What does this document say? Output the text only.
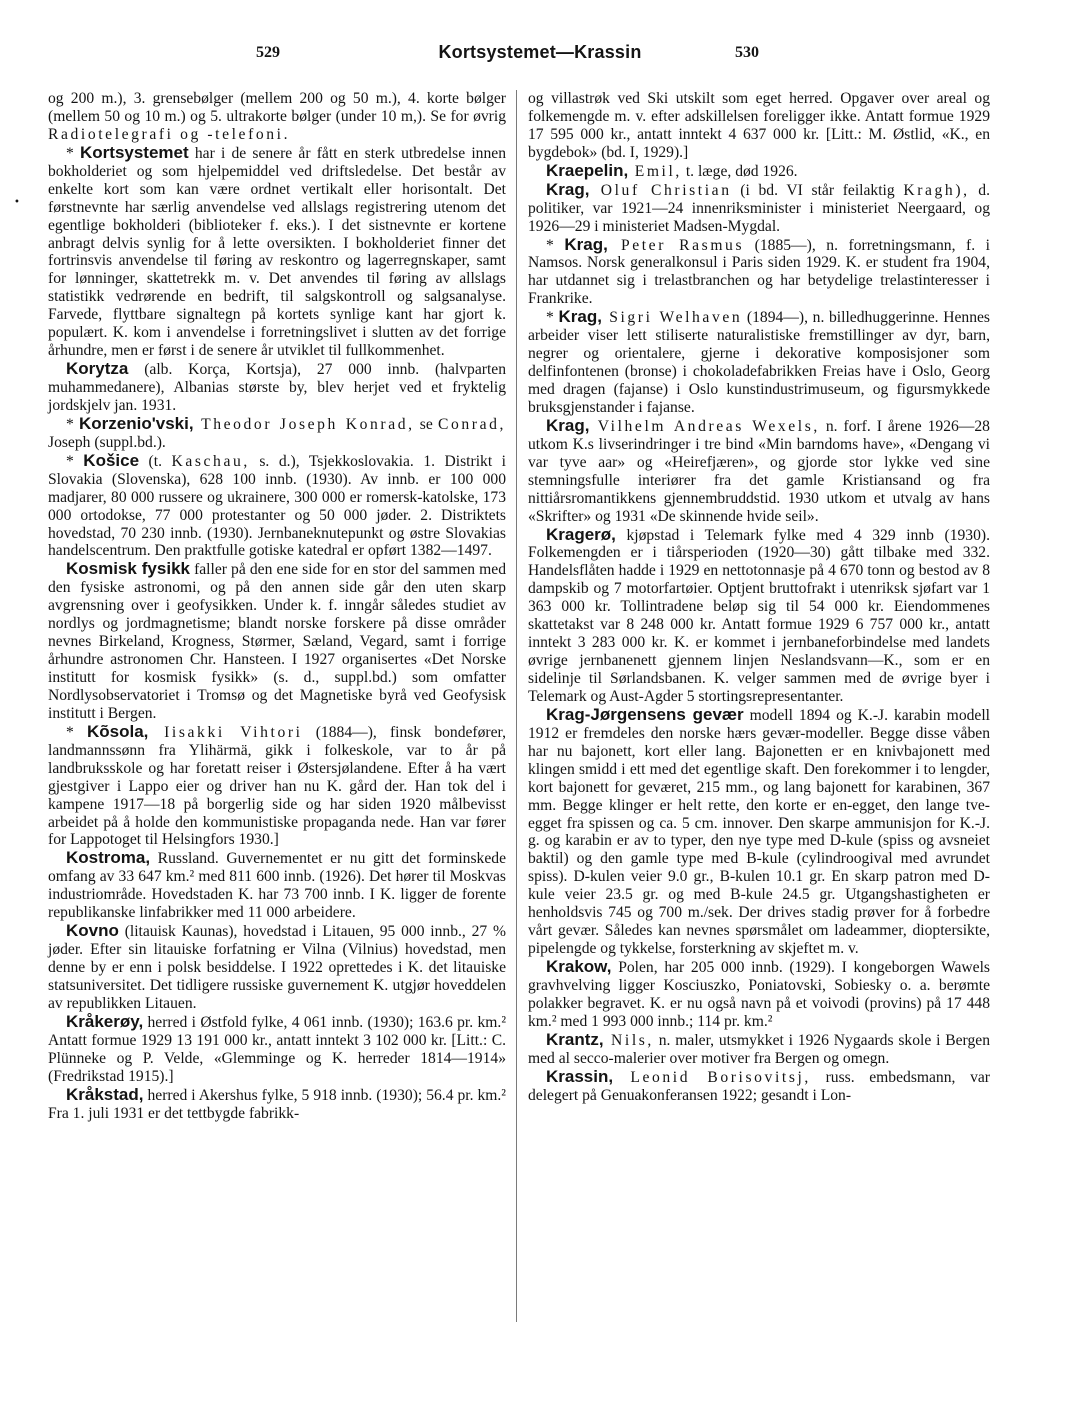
529	Kortsystemet—Krassin	530
•

og 200 m.), 3. grensebølger (mellem 200 og 50 m.), 4. korte bølger (mellem 50 og 10 m.) og 5. ultrakorte bølger (under 10 m,). Se for øvrig Radiotelegrafi og -telefoni.

* Kortsystemet har i de senere år fått en sterk utbredelse innen bokholderiet og som hjelpemiddel ved driftsledelse. Det består av enkelte kort som kan være ordnet vertikalt eller horisontalt. Det førstnevnte har særlig anvendelse ved allslags registrering utenom det egentlige bokholderi (biblioteker f. eks.). I det sistnevnte er kortene anbragt delvis synlig for å lette oversikten. I bokholderiet finner det fortrinsvis anvendelse til føring av reskontro og lagerregnskaper, samt for lønninger, skattetrekk m. v. Det anvendes til føring av allslags statistikk vedrørende en bedrift, til salgskontroll og salgsanalyse. Farvede, flyttbare signaltegn på kortets synlige kant har gjort k. populært. K. kom i anvendelse i forretningslivet i slutten av det forrige århundre, men er først i de senere år utviklet til fullkommenhet.

Korytza (alb. Korça, Kortsja), 27 000 innb. (halvparten muhammedanere), Albanias største by, blev herjet ved et fryktelig jordskjelv jan. 1931.

* Korzenio'vski, Theodor Joseph Konrad, se Conrad, Joseph (suppl.bd.).

* Košice (t. Kaschau, s. d.), Tsjekkoslovakia. 1. Distrikt i Slovakia (Slovenska), 628 100 innb. (1930). Av innb. er 100 000 madjarer, 80 000 russere og ukrainere, 300 000 er romersk-katolske, 173 000 ortodokse, 77 000 protestanter og 50 000 jøder. 2. Distriktets hovedstad, 70 230 innb. (1930). Jernbaneknutepunkt og østre Slovakias handelscentrum. Den praktfulle gotiske katedral er opført 1382—1497.

Kosmisk fysikk faller på den ene side for en stor del sammen med den fysiske astronomi, og på den annen side går den uten skarp avgrensning over i geofysikken. Under k. f. inngår således studiet av nordlys og jordmagnetisme; blandt norske forskere på disse områder nevnes Birkeland, Krogness, Størmer, Sæland, Vegard, samt i forrige århundre astronomen Chr. Hansteen. I 1927 organisertes «Det Norske institutt for kosmisk fysikk» (s. d., suppl.bd.) som omfatter Nordlysobservatoriet i Tromsø og det Magnetiske byrå ved Geofysisk institutt i Bergen.

* Kõsola, Iisakki Vihtori (1884—), finsk bondefører, landmannssønn fra Ylihärmä, gikk i folkeskole, var to år på landbruksskole og har foretatt reiser i Østersjølandene. Efter å ha vært gjestgiver i Lappo eier og driver han nu K. gård der. Han tok del i kampene 1917—18 på borgerlig side og har siden 1920 målbevisst arbeidet på å holde den kommunistiske propaganda nede. Han var fører for Lappotoget til Helsingfors 1930.]

Kostroma, Russland. Guvernementet er nu gitt det forminskede omfang av 33 647 km.² med 811 600 innb. (1926). Det hører til Moskvas industriområde. Hovedstaden K. har 73 700 innb. I K. ligger de forente republikanske linfabrikker med 11 000 arbeidere.

Kovno (litauisk Kaunas), hovedstad i Litauen, 95 000 innb., 27 % jøder. Efter sin litauiske forfatning er Vilna (Vilnius) hovedstad, men denne by er enn i polsk besiddelse. I 1922 oprettedes i K. det litauiske statsuniversitet. Det tidligere russiske guvernement K. utgjør hoveddelen av republikken Litauen.

Kråkerøy, herred i Østfold fylke, 4 061 innb. (1930); 163.6 pr. km.² Antatt formue 1929 13 191 000 kr., antatt inntekt 3 102 000 kr. [Litt.: C. Plünneke og P. Velde, «Glemminge og K. herreder 1814—1914» (Fredrikstad 1915).]

Kråkstad, herred i Akershus fylke, 5 918 innb. (1930); 56.4 pr. km.² Fra 1. juli 1931 er det tettbygde fabrikk-

og villastrøk ved Ski utskilt som eget herred. Opgaver over areal og folkemengde m. v. efter adskillelsen foreligger ikke. Antatt formue 1929 17 595 000 kr., antatt inntekt 4 637 000 kr. [Litt.: M. Østlid, «K., en bygdebok» (bd. I, 1929).]

Kraepelin, Emil, t. læge, død 1926.

Krag, Oluf Christian (i bd. VI står feilaktig Kragh), d. politiker, var 1921—24 innenriksminister i ministeriet Neergaard, og 1926—29 i ministeriet Madsen-Mygdal.

* Krag, Peter Rasmus (1885—), n. forretningsmann, f. i Namsos. Norsk generalkonsul i Paris siden 1929. K. er student fra 1904, har utdannet sig i trelastbranchen og har betydelige trelastinteresser i Frankrike.

* Krag, Sigri Welhaven (1894—), n. billedhuggerinne. Hennes arbeider viser lett stiliserte naturalistiske fremstillinger av dyr, barn, negrer og orientalere, gjerne i dekorative komposisjoner som delfinfontenen (bronse) i chokoladefabrikken Freias have i Oslo, Georg med dragen (fajanse) i Oslo kunstindustrimuseum, og figursmykkede bruksgjenstander i fajanse.

Krag, Vilhelm Andreas Wexels, n. forf. I årene 1926—28 utkom K.s livserindringer i tre bind «Min barndoms have», «Dengang vi var tyve aar» og «Heirefjæren», og gjorde stor lykke ved sine stemningsfulle interiører fra det gamle Kristiansand og fra nittiårsromantikkens gjennembruddstid. 1930 utkom et utvalg av hans «Skrifter» og 1931 «De skinnende hvide seil».

Kragerø, kjøpstad i Telemark fylke med 4 329 innb (1930). Folkemengden er i tiårsperioden (1920—30) gått tilbake med 332. Handelsflåten hadde i 1929 en nettotonnasje på 4 670 tonn og bestod av 8 dampskib og 7 motorfartøier. Optjent bruttofrakt i utenriksk sjøfart var 1 363 000 kr. Tollintradene beløp sig til 54 000 kr. Eiendommenes skattetakst var 8 248 000 kr. Antatt formue 1929 6 757 000 kr., antatt inntekt 3 283 000 kr. K. er kommet i jernbaneforbindelse med landets øvrige jernbanenett gjennem linjen Neslandsvann—K., som er en sidelinje til Sørlandsbanen. K. velger sammen med de øvrige byer i Telemark og Aust-Agder 5 stortingsrepresentanter.

Krag-Jørgensens gevær modell 1894 og K.-J. karabin modell 1912 er fremdeles den norske hærs gevær-modeller. Begge disse våben har nu bajonett, kort eller lang. Bajonetten er en knivbajonett med klingen smidd i ett med det egentlige skaft. Den forekommer i to lengder, kort bajonett for geværet, 215 mm., og lang bajonett for karabinen, 367 mm. Begge klinger er helt rette, den korte er en-egget, den lange tve-egget fra spissen og ca. 5 cm. innover. Den skarpe ammunisjon for K.-J. g. og karabin er av to typer, den nye type med D-kule (spiss og avsneiet baktil) og den gamle type med B-kule (cylindroogival med avrundet spiss). D-kulen veier 9.0 gr., B-kulen 10.1 gr. En skarp patron med D-kule veier 23.5 gr. og med B-kule 24.5 gr. Utgangshastigheten er henholdsvis 745 og 700 m./sek. Der drives stadig prøver for å forbedre vårt gevær. Således kan nevnes spørsmålet om ladeammer, dioptersikte, pipelengde og tykkelse, forsterkning av skjeftet m. v.

Krakow, Polen, har 205 000 innb. (1929). I kongeborgen Wawels gravhvelving ligger Kosciuszko, Poniatovski, Sobiesky o. a. berømte polakker begravet. K. er nu også navn på et voivodi (provins) på 17 448 km.² med 1 993 000 innb.; 114 pr. km.²

Krantz, Nils, n. maler, utsmykket i 1926 Nygaards skole i Bergen med al secco-malerier over motiver fra Bergen og omegn.

Krassin, Leonid Borisovitsj, russ. embedsmann, var delegert på Genuakonferansen 1922; gesandt i Lon-
